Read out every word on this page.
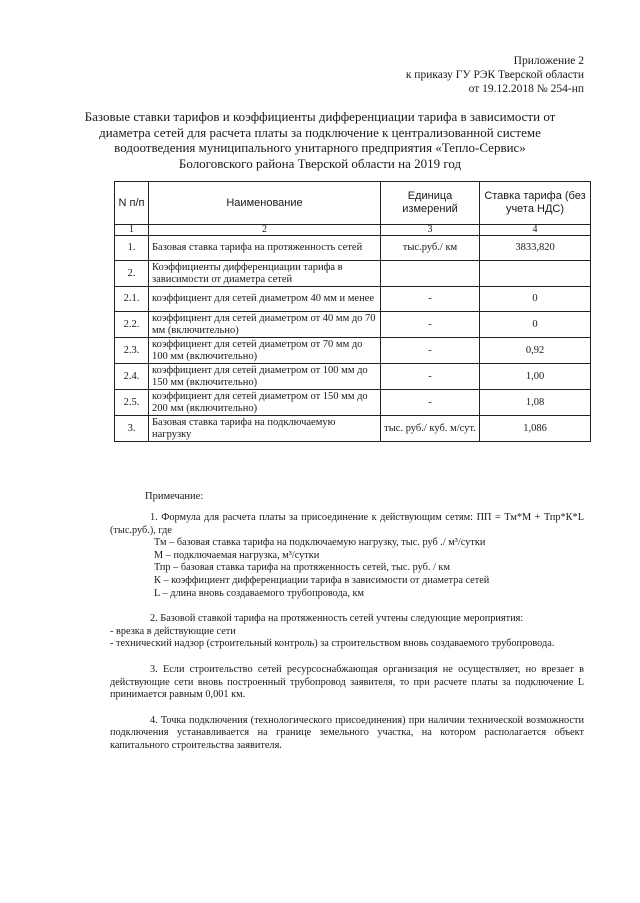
Приложение 2
к приказу ГУ РЭК Тверской области
от 19.12.2018 № 254-нп
Базовые ставки тарифов и коэффициенты дифференциации тарифа в зависимости от
диаметра сетей для расчета платы за подключение к централизованной системе
водоотведения муниципального унитарного предприятия «Тепло-Сервис»
Бологовского района Тверской области на 2019 год
N п/п	Наименование	Единица измерений	Ставка тарифа (без учета НДС)
1	2	3	4
1.	Базовая ставка тарифа на протяженность сетей	тыс.руб./ км	3833,820
2.	Коэффициенты дифференциации тарифа в зависимости от диаметра сетей		
2.1.	коэффициент для сетей диаметром 40 мм и менее	-	0
2.2.	коэффициент для сетей диаметром от 40 мм до 70 мм (включительно)	-	0
2.3.	коэффициент для сетей диаметром от 70 мм до 100 мм (включительно)	-	0,92
2.4.	коэффициент для сетей диаметром от 100 мм до 150 мм (включительно)	-	1,00
2.5.	коэффициент для сетей диаметром от 150 мм до 200 мм (включительно)	-	1,08
3.	Базовая ставка тарифа на подключаемую нагрузку	тыс. руб./ куб. м/сут.	1,086
Примечание:

1. Формула для расчета платы за присоединение к действующим сетям: ПП = Тм*М + Тпр*К*L (тыс.руб.), где

Тм – базовая ставка тарифа на подключаемую нагрузку, тыс. руб ./ м³/сутки

М – подключаемая нагрузка, м³/сутки

Тпр – базовая ставка тарифа на протяженность сетей, тыс. руб. / км

К – коэффициент дифференциации тарифа в зависимости от диаметра сетей

L – длина вновь создаваемого трубопровода, км

2. Базовой ставкой тарифа на протяженность сетей учтены следующие мероприятия:

- врезка в действующие сети

- технический надзор (строительный контроль) за строительством вновь создаваемого трубопровода.

3. Если строительство сетей ресурсоснабжающая организация не осуществляет, но врезает в действующие сети вновь построенный трубопровод заявителя, то при расчете платы за подключение L принимается равным 0,001 км.

4. Точка подключения (технологического присоединения) при наличии технической возможности подключения устанавливается на границе земельного участка, на котором располагается объект капитального строительства заявителя.
